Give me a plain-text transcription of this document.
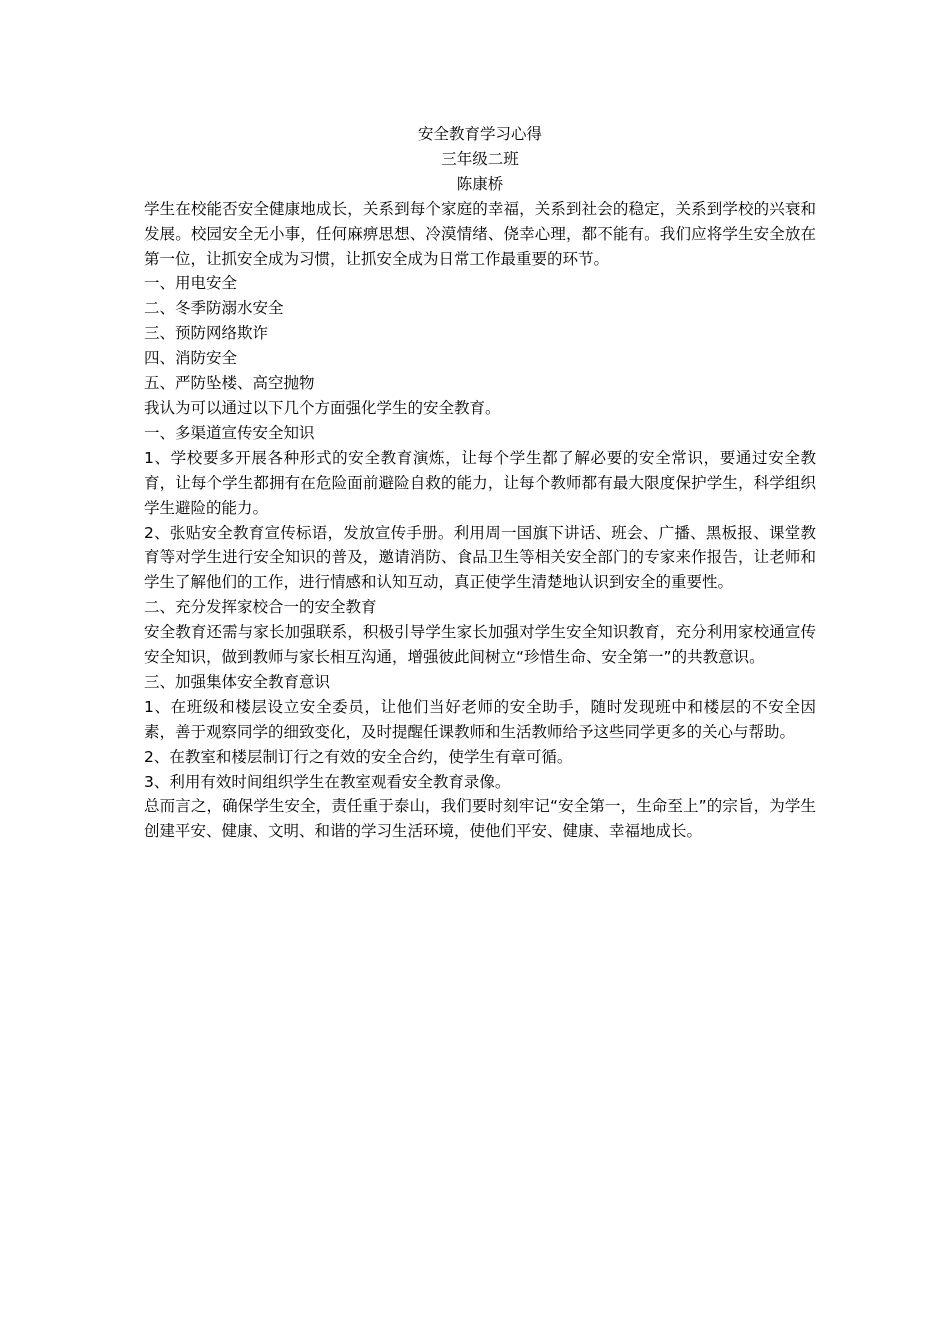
安全教育学习心得

三年级二班

陈康桥

学生在校能否安全健康地成长，关系到每个家庭的幸福，关系到社会的稳定，关系到学校的兴衰和发展。校园安全无小事，任何麻痹思想、冷漠情绪、侥幸心理，都不能有。我们应将学生安全放在第一位，让抓安全成为习惯，让抓安全成为日常工作最重要的环节。

一、用电安全

二、冬季防溺水安全

三、预防网络欺诈

四、消防安全

五、严防坠楼、高空抛物

我认为可以通过以下几个方面强化学生的安全教育。

一、多渠道宣传安全知识

1、学校要多开展各种形式的安全教育演炼，让每个学生都了解必要的安全常识，要通过安全教育，让每个学生都拥有在危险面前避险自救的能力，让每个教师都有最大限度保护学生，科学组织学生避险的能力。

2、张贴安全教育宣传标语，发放宣传手册。利用周一国旗下讲话、班会、广播、黑板报、课堂教育等对学生进行安全知识的普及，邀请消防、食品卫生等相关安全部门的专家来作报告，让老师和学生了解他们的工作，进行情感和认知互动，真正使学生清楚地认识到安全的重要性。

二、充分发挥家校合一的安全教育

安全教育还需与家长加强联系，积极引导学生家长加强对学生安全知识教育，充分利用家校通宣传安全知识，做到教师与家长相互沟通，增强彼此间树立“珍惜生命、安全第一”的共教意识。

三、加强集体安全教育意识

1、在班级和楼层设立安全委员，让他们当好老师的安全助手，随时发现班中和楼层的不安全因素，善于观察同学的细致变化，及时提醒任课教师和生活教师给予这些同学更多的关心与帮助。

2、在教室和楼层制订行之有效的安全合约，使学生有章可循。

3、利用有效时间组织学生在教室观看安全教育录像。

总而言之，确保学生安全，责任重于泰山，我们要时刻牢记“安全第一，生命至上”的宗旨，为学生创建平安、健康、文明、和谐的学习生活环境，使他们平安、健康、幸福地成长。
